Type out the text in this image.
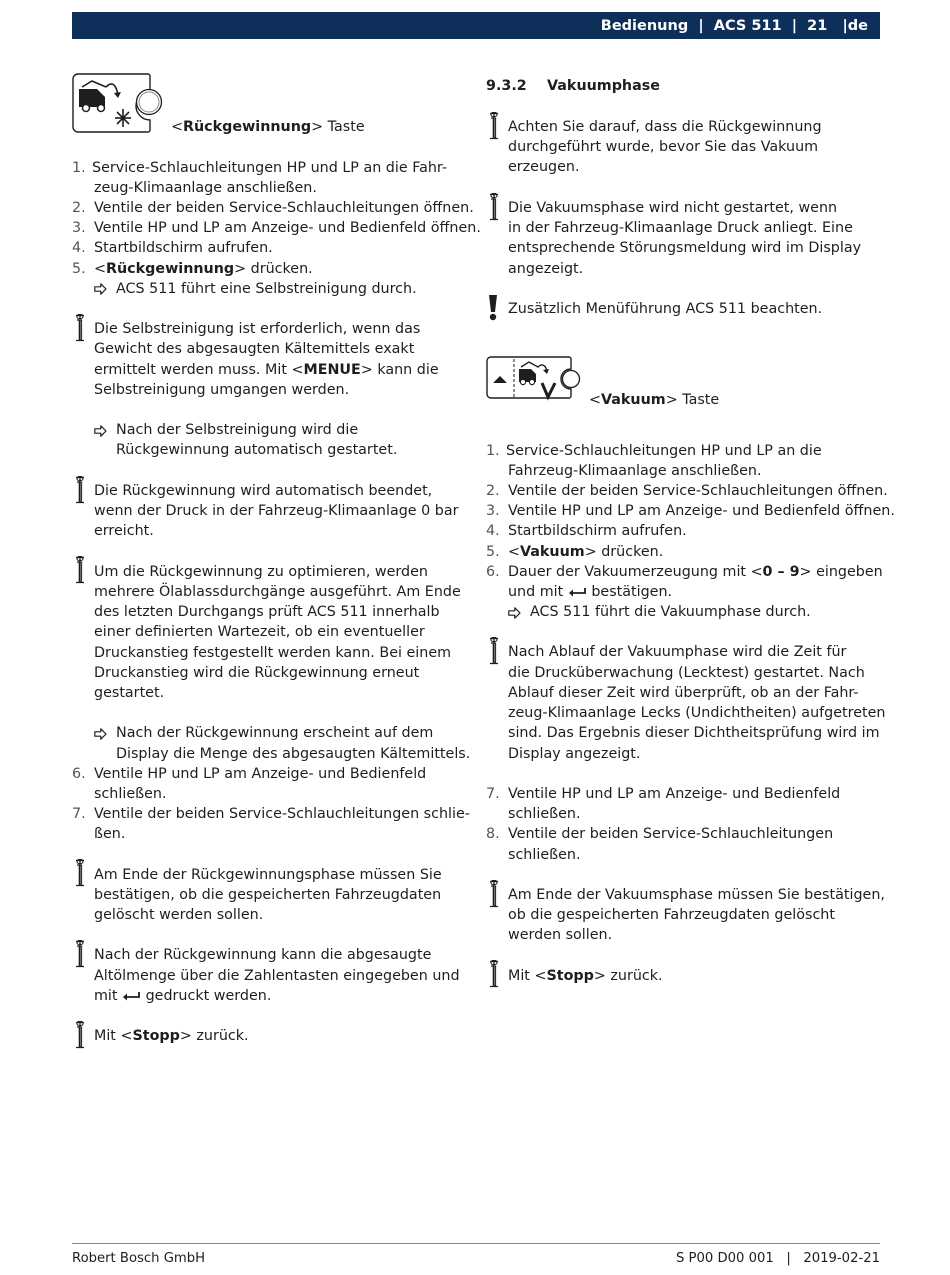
Bedienung
|
ACS 511
|
21
| de
<Rückgewinnung> Taste
1. Service-Schlauchleitungen HP und LP an die Fahr-
zeug-Klimaanlage anschließen.
2. Ventile der beiden Service-Schlauchleitungen öffnen.
3. Ventile HP und LP am Anzeige- und Bedienfeld öffnen.
4. Startbildschirm aufrufen.
5. <Rückgewinnung> drücken.
ACS 511 führt eine Selbstreinigung durch.
Die Selbstreinigung ist erforderlich, wenn das
Gewicht des abgesaugten Kältemittels exakt
ermittelt werden muss. Mit <MENUE> kann die
Selbstreinigung umgangen werden.
Nach der Selbstreinigung wird die
Rückgewinnung automatisch gestartet.
Die Rückgewinnung wird automatisch beendet,
wenn der Druck in der Fahrzeug-Klimaanlage 0 bar
erreicht.
Um die Rückgewinnung zu optimieren, werden
mehrere Ölablassdurchgänge ausgeführt. Am Ende
des letzten Durchgangs prüft ACS 511 innerhalb
einer definierten Wartezeit, ob ein eventueller
Druckanstieg festgestellt werden kann. Bei einem
Druckanstieg wird die Rückgewinnung erneut
gestartet.
Nach der Rückgewinnung erscheint auf dem
Display die Menge des abgesaugten Kältemittels.
6. Ventile HP und LP am Anzeige- und Bedienfeld
schließen.
7. Ventile der beiden Service-Schlauchleitungen schlie-
ßen.
Am Ende der Rückgewinnungsphase müssen Sie
bestätigen, ob die gespeicherten Fahrzeugdaten
gelöscht werden sollen.
Nach der Rückgewinnung kann die abgesaugte
Altölmenge über die Zahlentasten eingegeben und
mit gedruckt werden.
Mit <Stopp> zurück.
9.3.2 Vakuumphase
Achten Sie darauf, dass die Rückgewinnung
durchgeführt wurde, bevor Sie das Vakuum
erzeugen.
Die Vakuumsphase wird nicht gestartet, wenn
in der Fahrzeug-Klimaanlage Druck anliegt. Eine
entsprechende Störungsmeldung wird im Display
angezeigt.
Zusätzlich Menüführung ACS 511 beachten.
<Vakuum> Taste
1. Service-Schlauchleitungen HP und LP an die
Fahrzeug-Klimaanlage anschließen.
2. Ventile der beiden Service-Schlauchleitungen öffnen.
3. Ventile HP und LP am Anzeige- und Bedienfeld öffnen.
4. Startbildschirm aufrufen.
5. <Vakuum> drücken.
6. Dauer der Vakuumerzeugung mit <0 – 9> eingeben
und mit bestätigen.
ACS 511 führt die Vakuumphase durch.
Nach Ablauf der Vakuumphase wird die Zeit für
die Drucküberwachung (Lecktest) gestartet. Nach
Ablauf dieser Zeit wird überprüft, ob an der Fahr-
zeug-Klimaanlage Lecks (Undichtheiten) aufgetreten
sind. Das Ergebnis dieser Dichtheitsprüfung wird im
Display angezeigt.
7. Ventile HP und LP am Anzeige- und Bedienfeld
schließen.
8. Ventile der beiden Service-Schlauchleitungen
schließen.
Am Ende der Vakuumsphase müssen Sie bestätigen,
ob die gespeicherten Fahrzeugdaten gelöscht
werden sollen.
Mit <Stopp> zurück.
Robert Bosch GmbH	S P00 D00 001 | 2019-02-21
